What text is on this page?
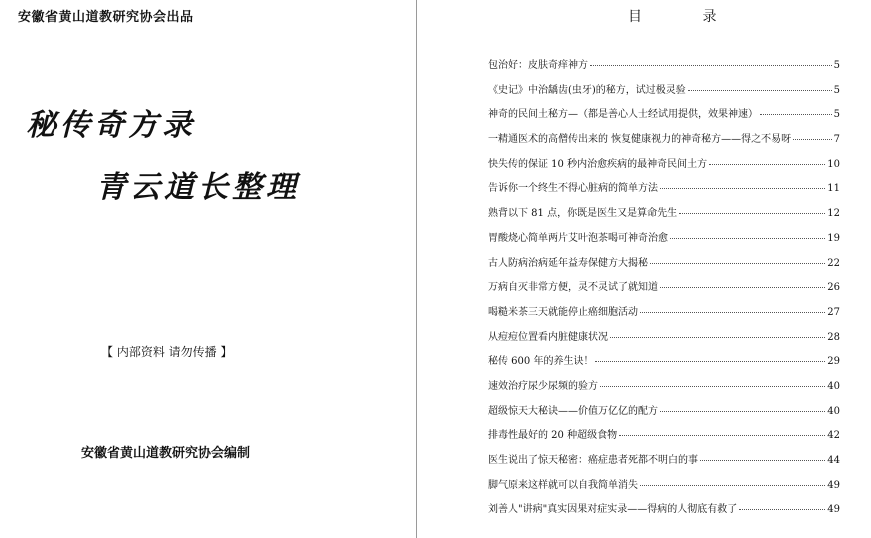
安徽省黄山道教研究协会出品
秘传奇方录
青云道长整理
【 内部资料 请勿传播 】
安徽省黄山道教研究协会编制
目 录
包治好：皮肤奇痒神方	5
《史记》中治龋齿(虫牙)的秘方，试过极灵验	5
神奇的民间土秘方—（都是善心人士经试用提供，效果神速）	5
一精通医术的高僧传出来的 恢复健康视力的神奇秘方——得之不易呀	7
快失传的保证 10 秒内治愈疾病的最神奇民间土方	10
告诉你一个终生不得心脏病的简单方法	11
熟背以下 81 点，你既是医生又是算命先生	12
胃酸烧心简单两片艾叶泡茶喝可神奇治愈	19
古人防病治病延年益寿保健方大揭秘	22
万病自灭非常方便，灵不灵试了就知道	26
喝糙米茶三天就能停止癌细胞活动	27
从痘痘位置看内脏健康状况	28
秘传 600 年的养生诀！	29
速效治疗尿少尿频的验方	40
超级惊天大秘诀——价值万亿亿的配方	40
排毒性最好的 20 种超级食物	42
医生说出了惊天秘密：癌症患者死都不明白的事	44
脚气原来这样就可以自我简单消失	49
刘善人"讲病"真实因果对症实录——得病的人彻底有救了	49
